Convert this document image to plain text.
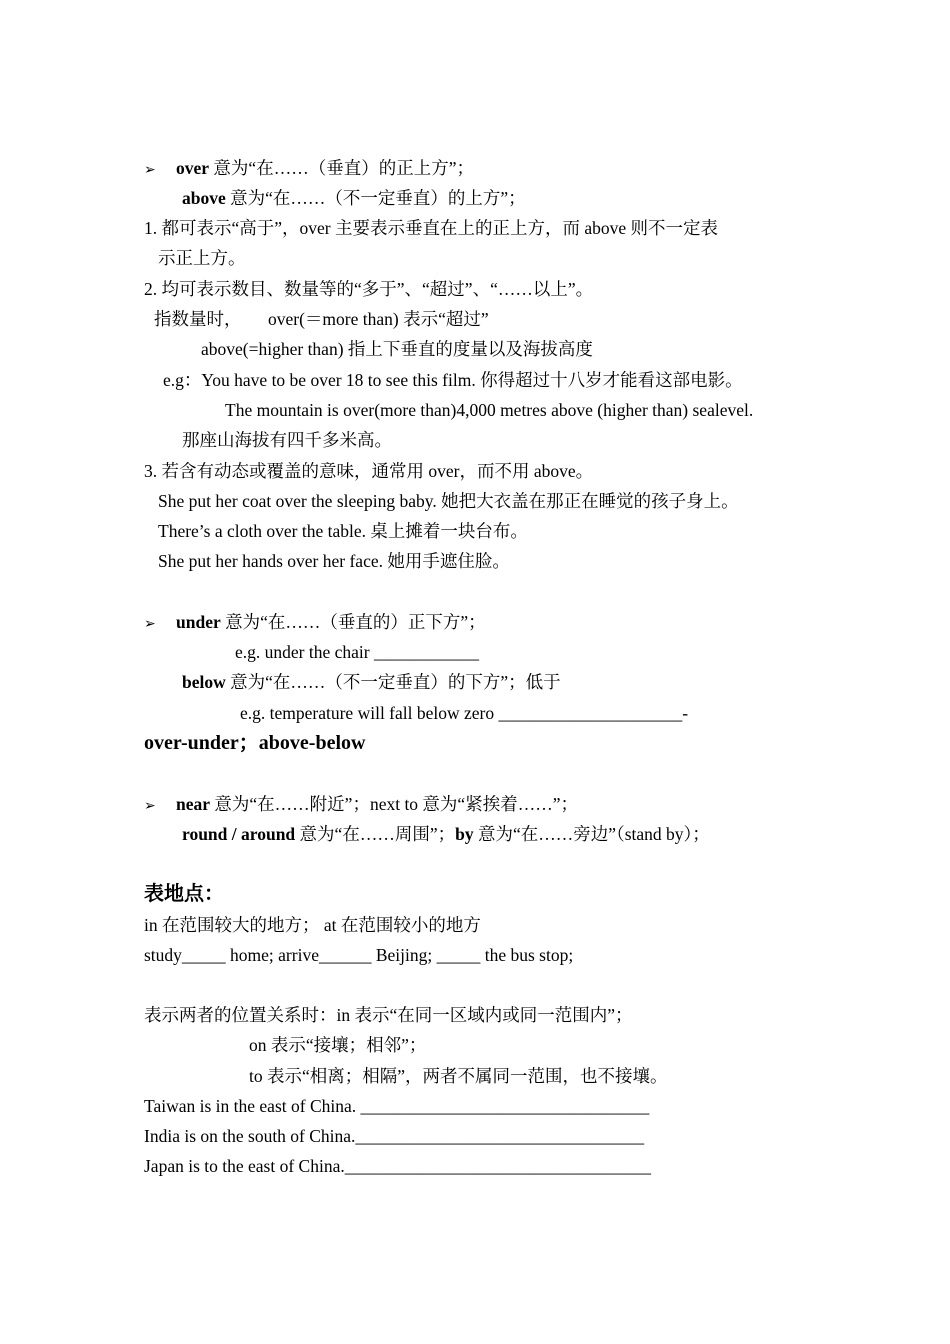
➢ over 意为“在……（垂直）的正上方”；
above 意为“在……（不一定垂直）的上方”；
1. 都可表示“高于”，over 主要表示垂直在上的正上方，而 above 则不一定表
示正上方。
2. 均可表示数目、数量等的“多于”、“超过”、“……以上”。
指数量时， over(＝more than) 表示“超过”
above(=higher than) 指上下垂直的度量以及海拔高度
e.g：You have to be over 18 to see this film. 你得超过十八岁才能看这部电影。
The mountain is over(more than)4,000 metres above (higher than) sealevel.
那座山海拔有四千多米高。
3. 若含有动态或覆盖的意味，通常用 over，而不用 above。
She put her coat over the sleeping baby. 她把大衣盖在那正在睡觉的孩子身上。
There’s a cloth over the table. 桌上摊着一块台布。
She put her hands over her face. 她用手遮住脸。
➢ under 意为“在……（垂直的）正下方”；
e.g. under the chair ____________
below 意为“在……（不一定垂直）的下方”；低于
e.g. temperature will fall below zero _____________________-
over-under；above-below
➢ near 意为“在……附近”；next to 意为“紧挨着……”；
round / around 意为“在……周围”；by 意为“在……旁边”（stand by）；
表地点：
in 在范围较大的地方； at 在范围较小的地方
study_____ home; arrive______ Beijing; _____ the bus stop;
表示两者的位置关系时：in 表示“在同一区域内或同一范围内”；
on 表示“接壤；相邻”；
to 表示“相离；相隔”，两者不属同一范围，也不接壤。
Taiwan is in the east of China. _________________________________
India is on the south of China._________________________________
Japan is to the east of China.___________________________________
